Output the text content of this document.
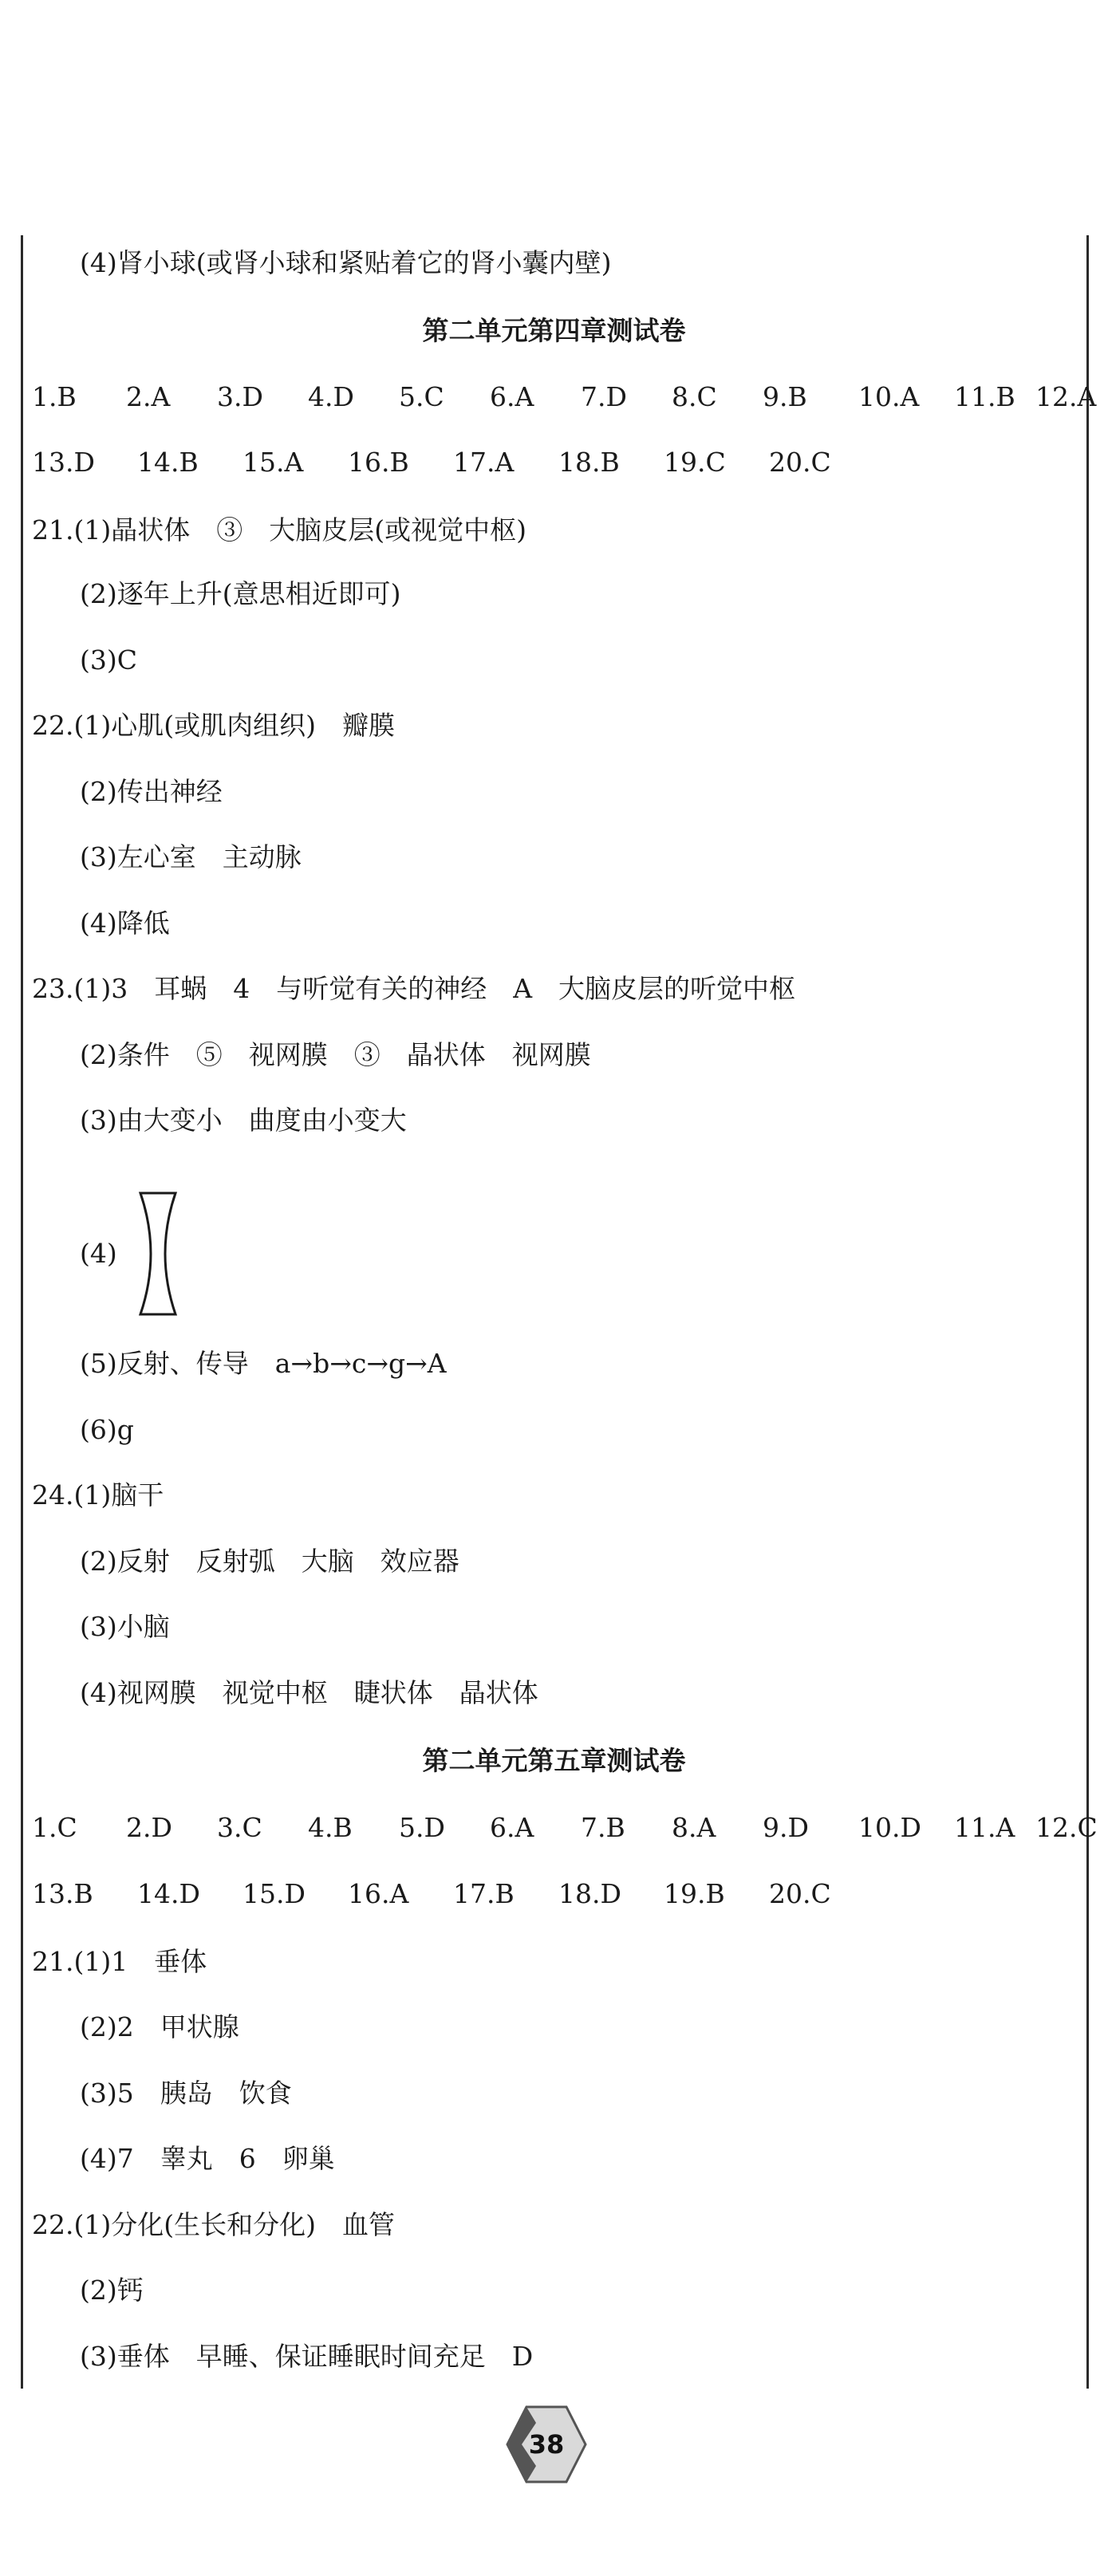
(4)肾小球(或肾小球和紧贴着它的肾小囊内壁)
第二单元第四章测试卷
1.B 2.A 3.D 4.D 5.C 6.A 7.D 8.C 9.B 10.A 11.B 12.A
13.D 14.B 15.A 16.B 17.A 18.B 19.C 20.C
21.(1)晶状体　③　大脑皮层(或视觉中枢)
(2)逐年上升(意思相近即可)
(3)C
22.(1)心肌(或肌肉组织)　瓣膜
(2)传出神经
(3)左心室　主动脉
(4)降低
23.(1)3　耳蜗　4　与听觉有关的神经　A　大脑皮层的听觉中枢
(2)条件　⑤　视网膜　③　晶状体　视网膜
(3)由大变小　曲度由小变大
(4)
(5)反射、传导　a→b→c→g→A
(6)g
24.(1)脑干
(2)反射　反射弧　大脑　效应器
(3)小脑
(4)视网膜　视觉中枢　睫状体　晶状体
第二单元第五章测试卷
1.C 2.D 3.C 4.B 5.D 6.A 7.B 8.A 9.D 10.D 11.A 12.C
13.B 14.D 15.D 16.A 17.B 18.D 19.B 20.C
21.(1)1　垂体
(2)2　甲状腺
(3)5　胰岛　饮食
(4)7　睾丸　6　卵巢
22.(1)分化(生长和分化)　血管
(2)钙
(3)垂体　早睡、保证睡眠时间充足　D
38
